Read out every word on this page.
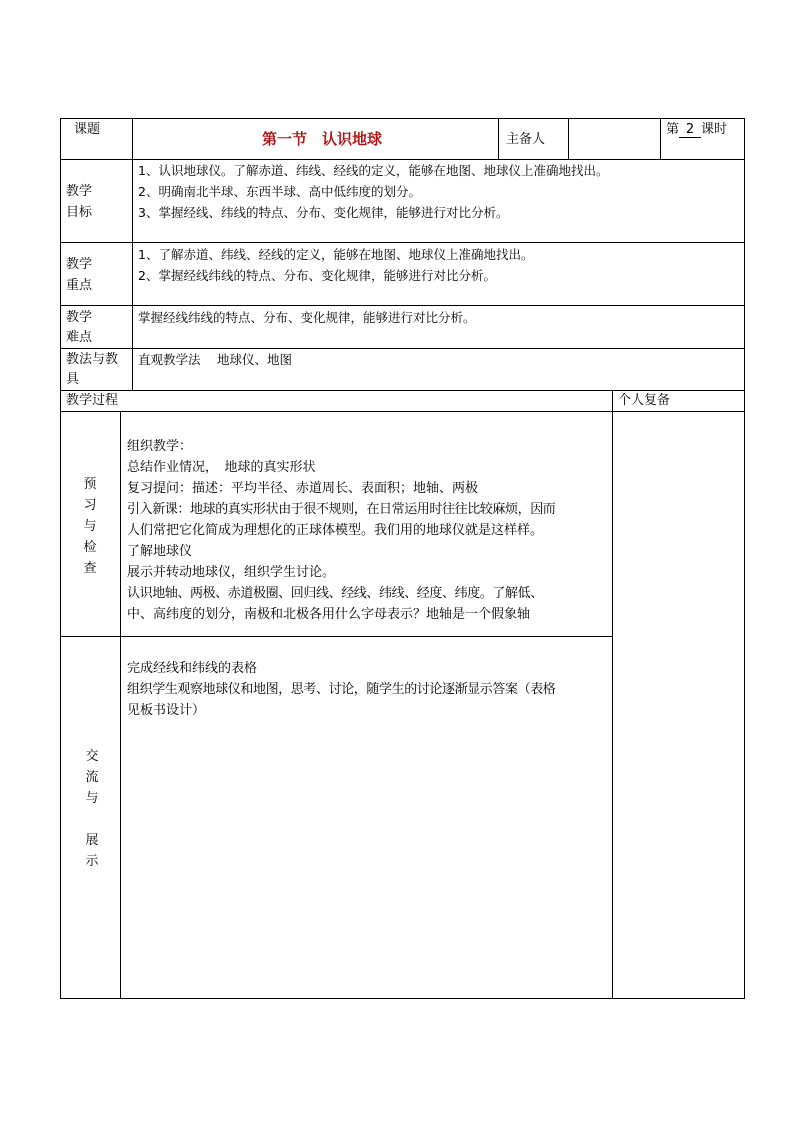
课题
第一节　认识地球	主备人
第 2 课时
教学
目标
1、认识地球仪。了解赤道、纬线、经线的定义，能够在地图、地球仪上准确地找出。
2、明确南北半球、东西半球、高中低纬度的划分。
3、掌握经线、纬线的特点、分布、变化规律，能够进行对比分析。
教学
重点
1、了解赤道、纬线、经线的定义，能够在地图、地球仪上准确地找出。
2、掌握经线纬线的特点、分布、变化规律，能够进行对比分析。
教学
难点
掌握经线纬线的特点、分布、变化规律，能够进行对比分析。
教法与教
具
直观教学法　 地球仪、地图
教学过程	个人复备
预
习
与
检
查
组织教学：
总结作业情况，　地球的真实形状
复习提问：描述：平均半径、赤道周长、表面积；地轴、两极
引入新课：地球的真实形状由于很不规则，在日常运用时往往比较麻烦，因而
人们常把它化简成为理想化的正球体模型。我们用的地球仪就是这样样。
了解地球仪
展示并转动地球仪，组织学生讨论。
认识地轴、两极、赤道极圈、回归线、经线、纬线、经度、纬度。了解低、
中、高纬度的划分，南极和北极各用什么字母表示？地轴是一个假象轴
交
流
与
展
示
完成经线和纬线的表格
组织学生观察地球仪和地图，思考、讨论，随学生的讨论逐渐显示答案（表格
见板书设计）
